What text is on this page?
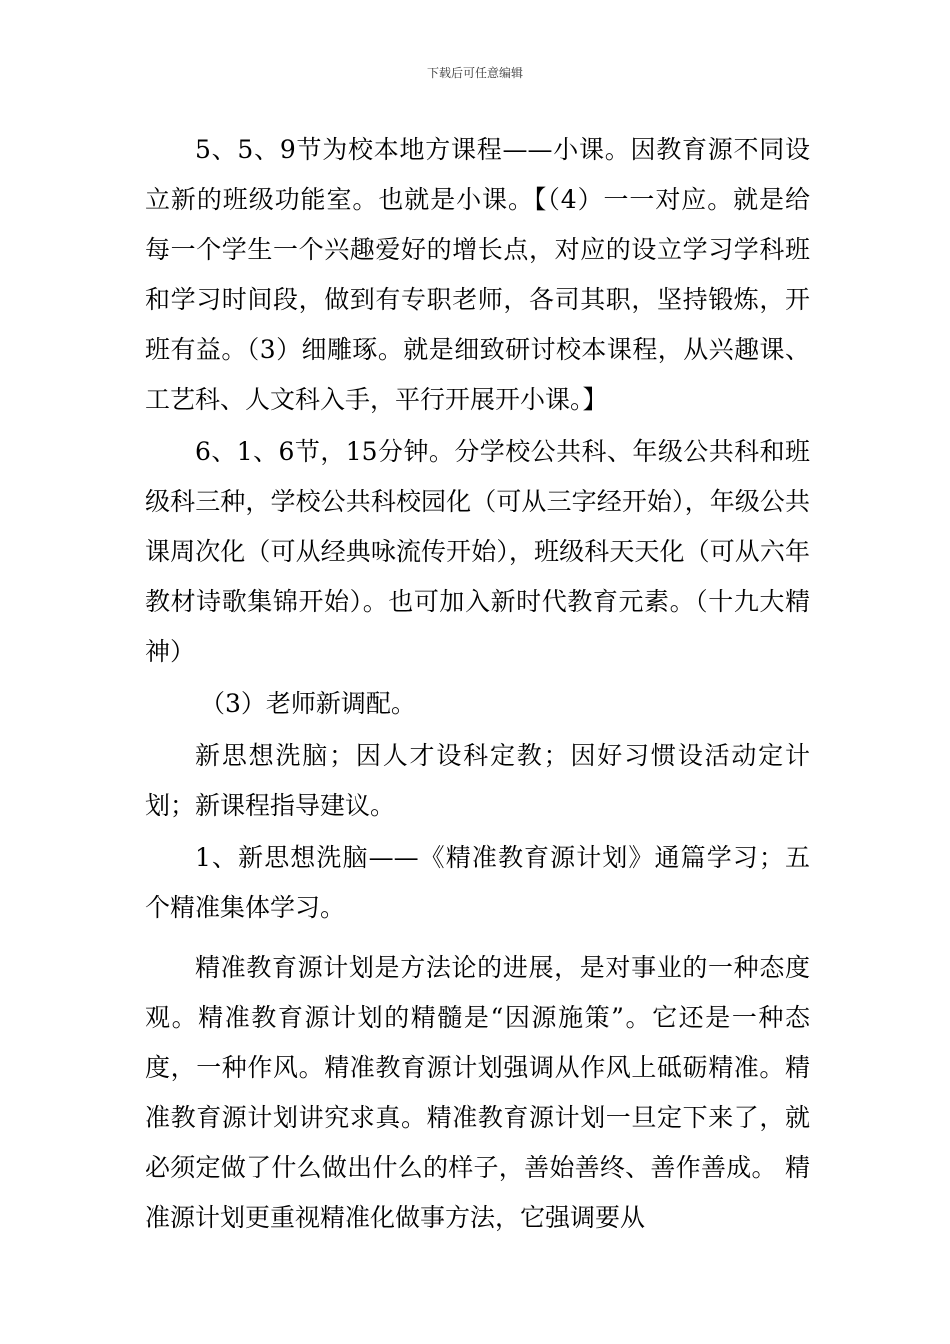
下载后可任意编辑

5、5、9节为校本地方课程——小课。因教育源不同设立新的班级功能室。也就是小课。【（4）一一对应。就是给每一个学生一个兴趣爱好的增长点，对应的设立学习学科班和学习时间段，做到有专职老师，各司其职，坚持锻炼，开班有益。（3）细雕琢。就是细致研讨校本课程，从兴趣课、工艺科、人文科入手，平行开展开小课。】

6、1、6节，15分钟。分学校公共科、年级公共科和班级科三种，学校公共科校园化（可从三字经开始），年级公共课周次化（可从经典咏流传开始），班级科天天化（可从六年教材诗歌集锦开始）。也可加入新时代教育元素。（十九大精神）

（3）老师新调配。

新思想洗脑；因人才设科定教；因好习惯设活动定计划；新课程指导建议。

1、新思想洗脑——《精准教育源计划》通篇学习；五个精准集体学习。

精准教育源计划是方法论的进展，是对事业的一种态度观。精准教育源计划的精髓是“因源施策”。它还是一种态度，一种作风。精准教育源计划强调从作风上砥砺精准。精准教育源计划讲究求真。精准教育源计划一旦定下来了，就必须定做了什么做出什么的样子，善始善终、善作善成。 精准源计划更重视精准化做事方法，它强调要从
